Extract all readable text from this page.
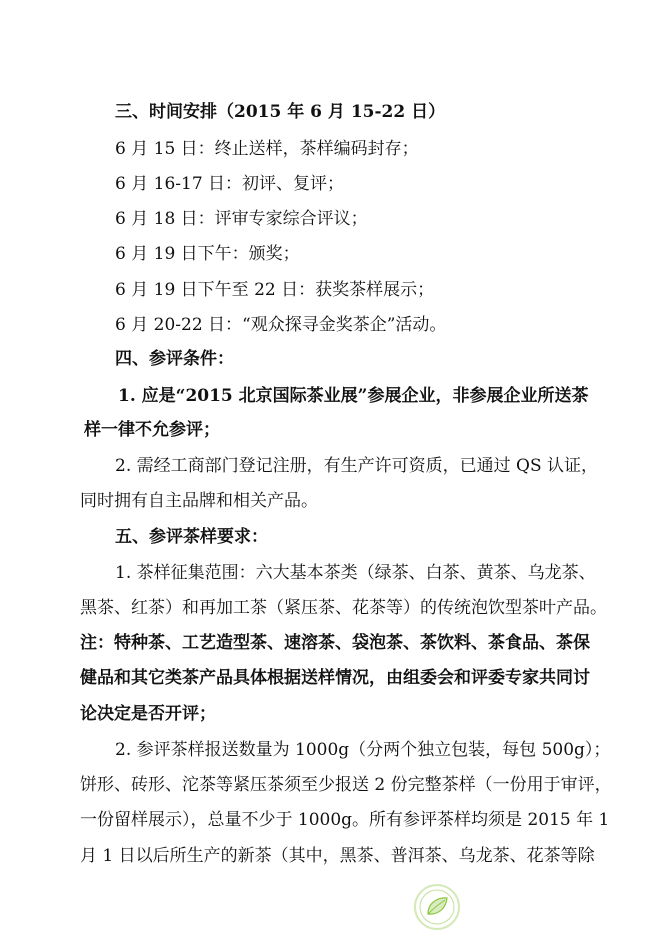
三、时间安排（2015 年 6 月 15-22 日）
6 月 15 日：终止送样，茶样编码封存；
6 月 16-17 日：初评、复评；
6 月 18 日：评审专家综合评议；
6 月 19 日下午：颁奖；
6 月 19 日下午至 22 日：获奖茶样展示；
6 月 20-22 日：“观众探寻金奖茶企”活动。
四、参评条件：
1. 应是“2015 北京国际茶业展”参展企业，非参展企业所送茶
样一律不允参评；
2. 需经工商部门登记注册，有生产许可资质，已通过 QS 认证，
同时拥有自主品牌和相关产品。
五、参评茶样要求：
1. 茶样征集范围：六大基本茶类（绿茶、白茶、黄茶、乌龙茶、
黑茶、红茶）和再加工茶（紧压茶、花茶等）的传统泡饮型茶叶产品。
注：特种茶、工艺造型茶、速溶茶、袋泡茶、茶饮料、茶食品、茶保
健品和其它类茶产品具体根据送样情况，由组委会和评委专家共同讨
论决定是否开评；
2. 参评茶样报送数量为 1000g（分两个独立包装，每包 500g）；
饼形、砖形、沱茶等紧压茶须至少报送 2 份完整茶样（一份用于审评，
一份留样展示），总量不少于 1000g。所有参评茶样均须是 2015 年 1
月 1 日以后所生产的新茶（其中，黑茶、普洱茶、乌龙茶、花茶等除
